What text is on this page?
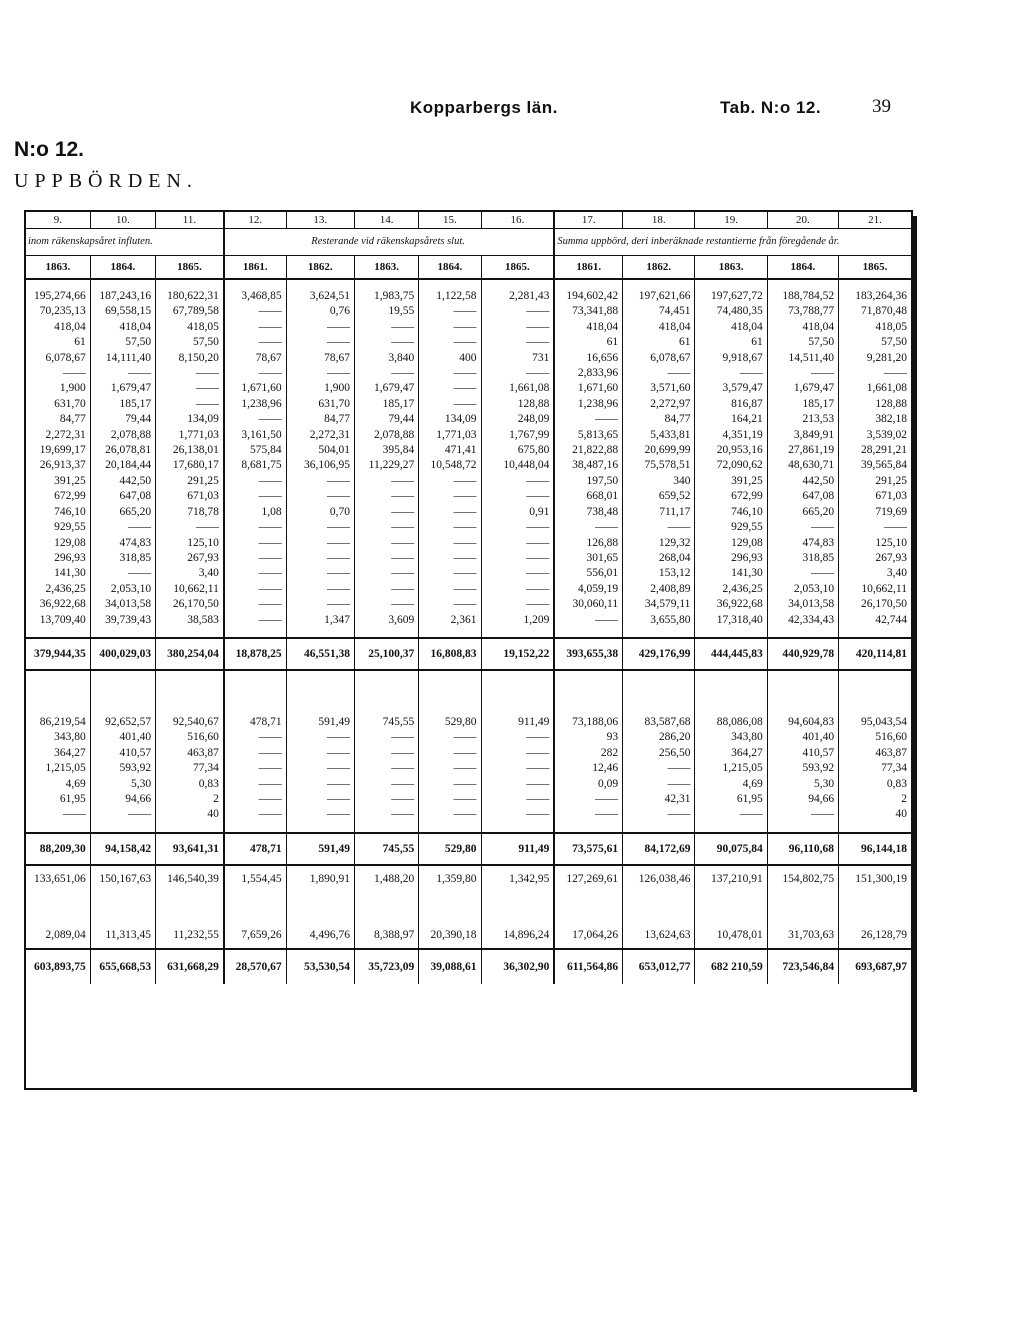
Kopparbergs län.	Tab. N:o 12.	39
N:o 12.
UPPBÖRDEN.
9.	10.	11.	12.	13.	14.	15.	16.	17.	18.	19.	20.	21.
inom räkenskapsåret influten.			Resterande vid räkenskapsårets slut.					Summa uppbörd, deri inberäknade restantierne från föregående år.				
1863.	1864.	1865.	1861.	1862.	1863.	1864.	1865.	1861.	1862.	1863.	1864.	1865.

195,274,66	187,243,16	180,622,31	3,468,85	3,624,51	1,983,75	1,122,58	2,281,43	194,602,42	197,621,66	197,627,72	188,784,52	183,264,36
70,235,13	69,558,15	67,789,58	——	0,76	19,55	——	——	73,341,88	74,451	74,480,35	73,788,77	71,870,48
418,04	418,04	418,05	——	——	——	——	——	418,04	418,04	418,04	418,04	418,05
61	57,50	57,50	——	——	——	——	——	61	61	61	57,50	57,50
6,078,67	14,111,40	8,150,20	78,67	78,67	3,840	400	731	16,656	6,078,67	9,918,67	14,511,40	9,281,20
——	——	——	——	——	——	——	——	2,833,96	——	——	——	——
1,900	1,679,47	——	1,671,60	1,900	1,679,47	——	1,661,08	1,671,60	3,571,60	3,579,47	1,679,47	1,661,08
631,70	185,17	——	1,238,96	631,70	185,17	——	128,88	1,238,96	2,272,97	816,87	185,17	128,88
84,77	79,44	134,09	——	84,77	79,44	134,09	248,09	——	84,77	164,21	213,53	382,18
2,272,31	2,078,88	1,771,03	3,161,50	2,272,31	2,078,88	1,771,03	1,767,99	5,813,65	5,433,81	4,351,19	3,849,91	3,539,02
19,699,17	26,078,81	26,138,01	575,84	504,01	395,84	471,41	675,80	21,822,88	20,699,99	20,953,16	27,861,19	28,291,21
26,913,37	20,184,44	17,680,17	8,681,75	36,106,95	11,229,27	10,548,72	10,448,04	38,487,16	75,578,51	72,090,62	48,630,71	39,565,84
391,25	442,50	291,25	——	——	——	——	——	197,50	340	391,25	442,50	291,25
672,99	647,08	671,03	——	——	——	——	——	668,01	659,52	672,99	647,08	671,03
746,10	665,20	718,78	1,08	0,70	——	——	0,91	738,48	711,17	746,10	665,20	719,69
929,55	——	——	——	——	——	——	——	——	——	929,55	——	——
129,08	474,83	125,10	——	——	——	——	——	126,88	129,32	129,08	474,83	125,10
296,93	318,85	267,93	——	——	——	——	——	301,65	268,04	296,93	318,85	267,93
141,30	——	3,40	——	——	——	——	——	556,01	153,12	141,30	——	3,40
2,436,25	2,053,10	10,662,11	——	——	——	——	——	4,059,19	2,408,89	2,436,25	2,053,10	10,662,11
36,922,68	34,013,58	26,170,50	——	——	——	——	——	30,060,11	34,579,11	36,922,68	34,013,58	26,170,50
13,709,40	39,739,43	38,583	——	1,347	3,609	2,361	1,209	——	3,655,80	17,318,40	42,334,43	42,744

379,944,35	400,029,03	380,254,04	18,878,25	46,551,38	25,100,37	16,808,83	19,152,22	393,655,38	429,176,99	444,445,83	440,929,78	420,114,81

86,219,54	92,652,57	92,540,67	478,71	591,49	745,55	529,80	911,49	73,188,06	83,587,68	88,086,08	94,604,83	95,043,54
343,80	401,40	516,60	——	——	——	——	——	93	286,20	343,80	401,40	516,60
364,27	410,57	463,87	——	——	——	——	——	282	256,50	364,27	410,57	463,87
1,215,05	593,92	77,34	——	——	——	——	——	12,46	——	1,215,05	593,92	77,34
4,69	5,30	0,83	——	——	——	——	——	0,09	——	4,69	5,30	0,83
61,95	94,66	2	——	——	——	——	——	——	42,31	61,95	94,66	2
——	——	40	——	——	——	——	——	——	——	——	——	40

88,209,30	94,158,42	93,641,31	478,71	591,49	745,55	529,80	911,49	73,575,61	84,172,69	90,075,84	96,110,68	96,144,18
133,651,06	150,167,63	146,540,39	1,554,45	1,890,91	1,488,20	1,359,80	1,342,95	127,269,61	126,038,46	137,210,91	154,802,75	151,300,19

2,089,04	11,313,45	11,232,55	7,659,26	4,496,76	8,388,97	20,390,18	14,896,24	17,064,26	13,624,63	10,478,01	31,703,63	26,128,79
603,893,75	655,668,53	631,668,29	28,570,67	53,530,54	35,723,09	39,088,61	36,302,90	611,564,86	653,012,77	682 210,59	723,546,84	693,687,97
